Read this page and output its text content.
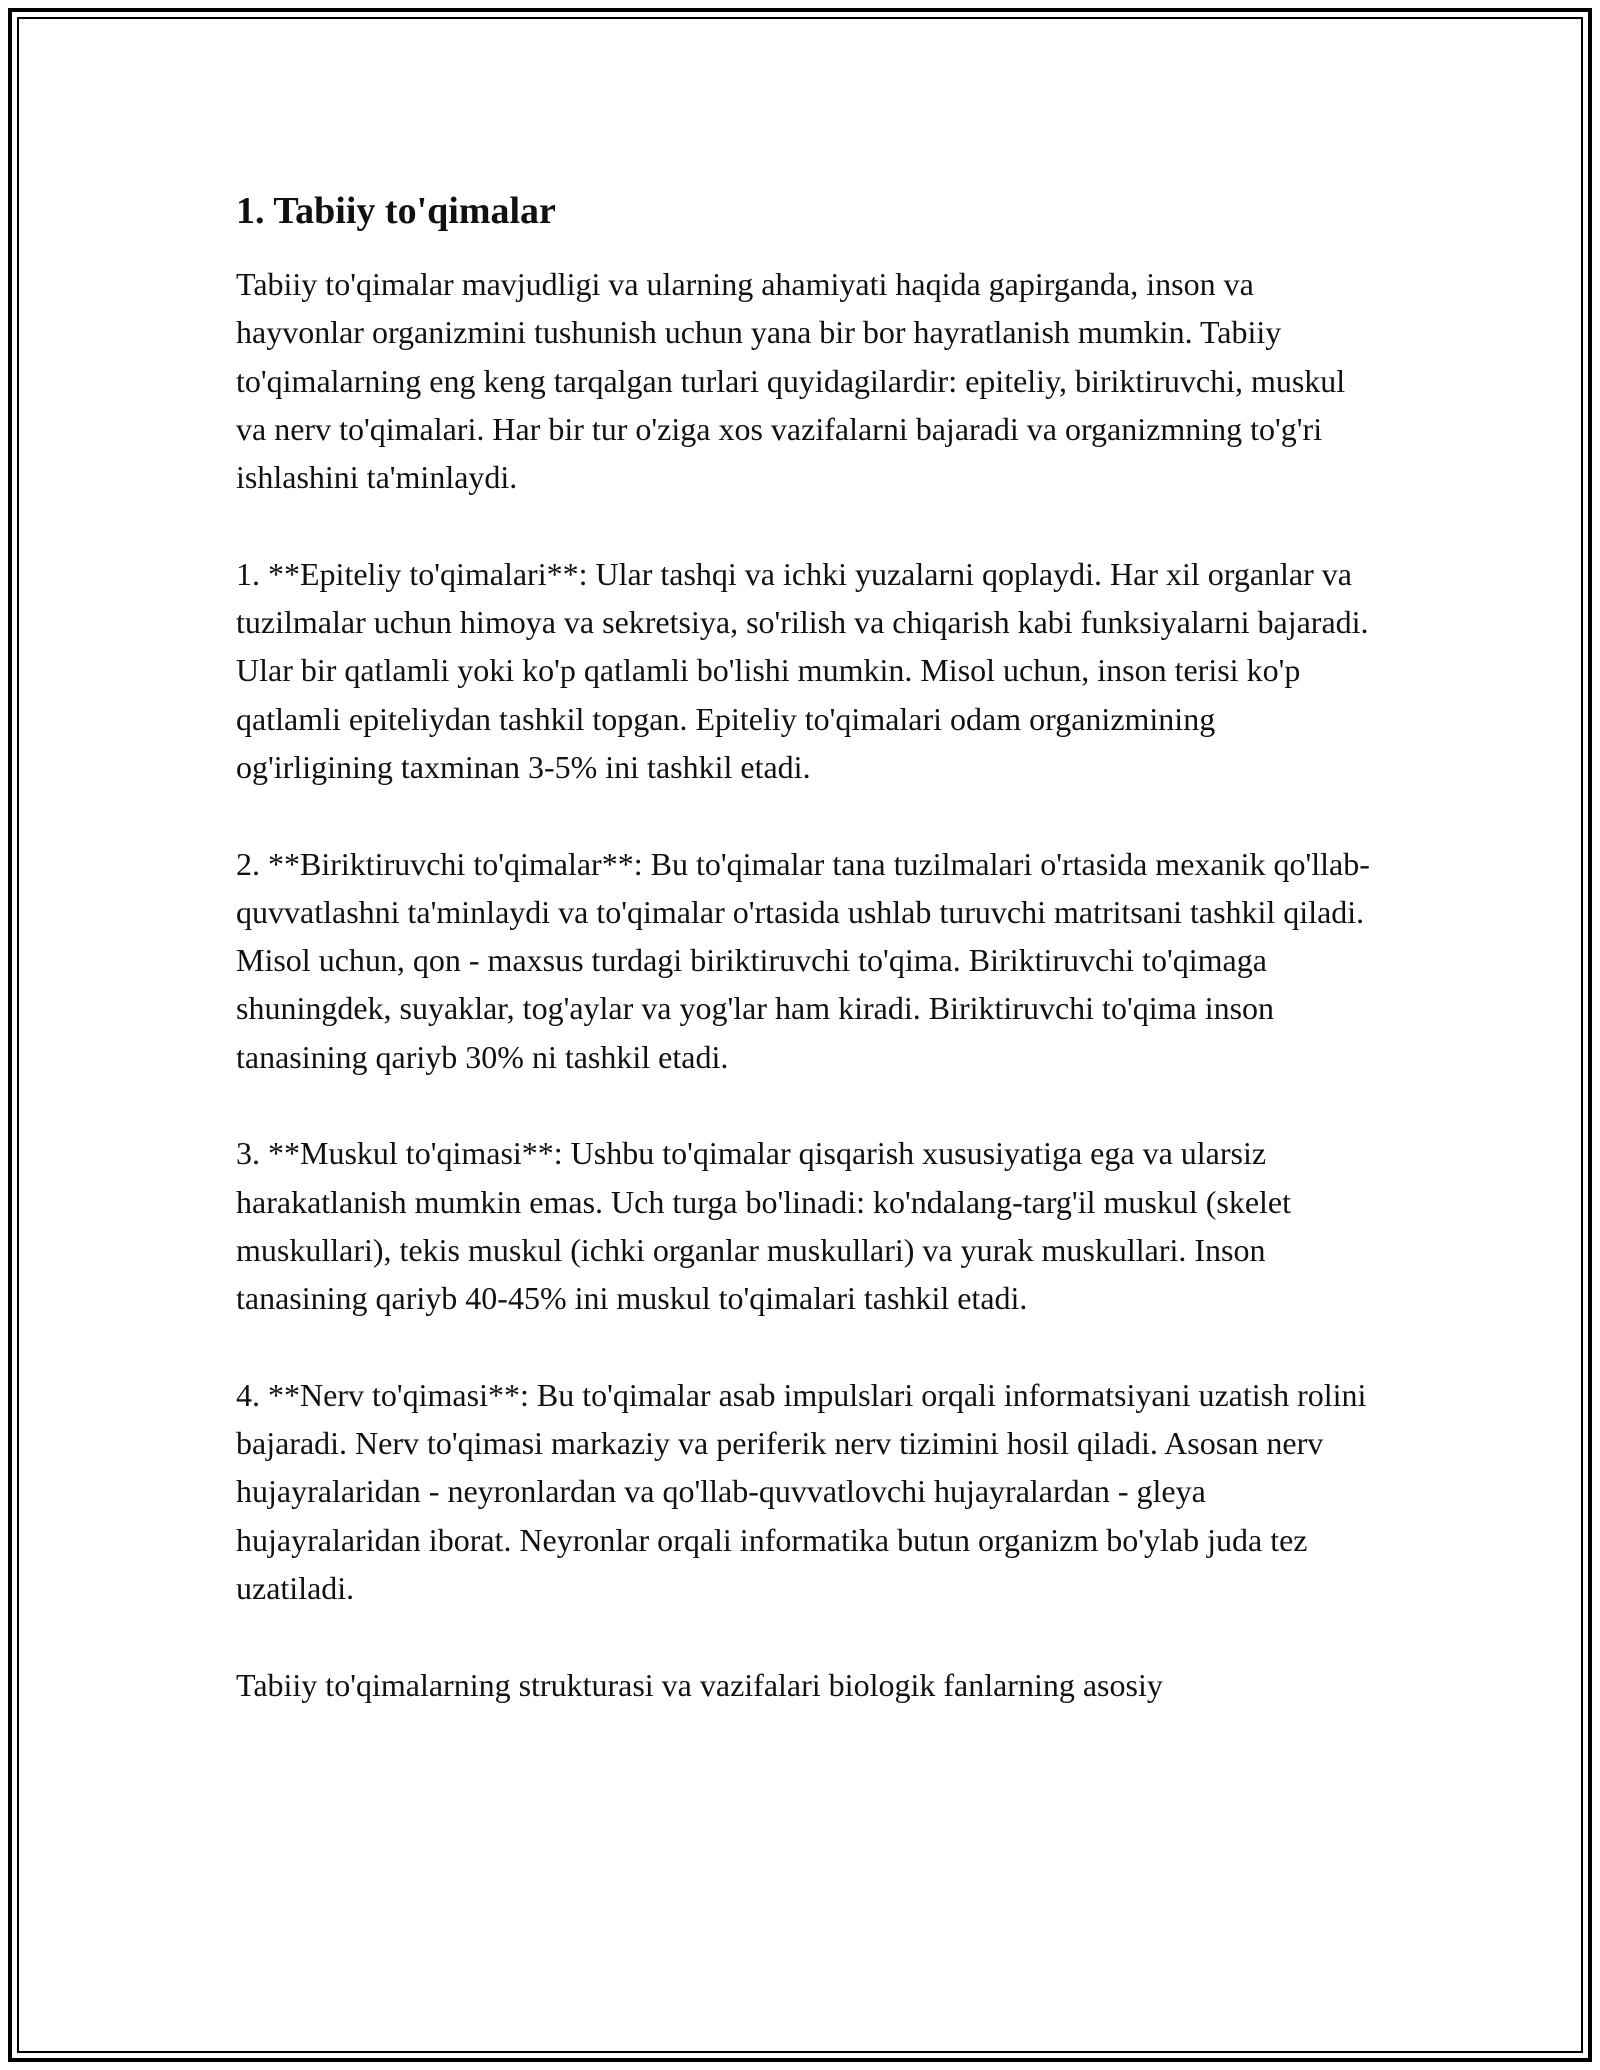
1. Tabiiy to'qimalar

Tabiiy to'qimalar mavjudligi va ularning ahamiyati haqida gapirganda, inson va hayvonlar organizmini tushunish uchun yana bir bor hayratlanish mumkin. Tabiiy to'qimalarning eng keng tarqalgan turlari quyidagilardir: epiteliy, biriktiruvchi, muskul va nerv to'qimalari. Har bir tur o'ziga xos vazifalarni bajaradi va organizmning to'g'ri ishlashini ta'minlaydi.

1. **Epiteliy to'qimalari**: Ular tashqi va ichki yuzalarni qoplaydi. Har xil organlar va tuzilmalar uchun himoya va sekretsiya, so'rilish va chiqarish kabi funksiyalarni bajaradi. Ular bir qatlamli yoki ko'p qatlamli bo'lishi mumkin. Misol uchun, inson terisi ko'p qatlamli epiteliydan tashkil topgan. Epiteliy to'qimalari odam organizmining og'irligining taxminan 3-5% ini tashkil etadi.

2. **Biriktiruvchi to'qimalar**: Bu to'qimalar tana tuzilmalari o'rtasida mexanik qo'llab-quvvatlashni ta'minlaydi va to'qimalar o'rtasida ushlab turuvchi matritsani tashkil qiladi. Misol uchun, qon - maxsus turdagi biriktiruvchi to'qima. Biriktiruvchi to'qimaga shuningdek, suyaklar, tog'aylar va yog'lar ham kiradi. Biriktiruvchi to'qima inson tanasining qariyb 30% ni tashkil etadi.

3. **Muskul to'qimasi**: Ushbu to'qimalar qisqarish xususiyatiga ega va ularsiz harakatlanish mumkin emas. Uch turga bo'linadi: ko'ndalang-targ'il muskul (skelet muskullari), tekis muskul (ichki organlar muskullari) va yurak muskullari. Inson tanasining qariyb 40-45% ini muskul to'qimalari tashkil etadi.

4. **Nerv to'qimasi**: Bu to'qimalar asab impulslari orqali informatsiyani uzatish rolini bajaradi. Nerv to'qimasi markaziy va periferik nerv tizimini hosil qiladi. Asosan nerv hujayralaridan - neyronlardan va qo'llab-quvvatlovchi hujayralardan - gleya hujayralaridan iborat. Neyronlar orqali informatika butun organizm bo'ylab juda tez uzatiladi.

Tabiiy to'qimalarning strukturasi va vazifalari biologik fanlarning asosiy
